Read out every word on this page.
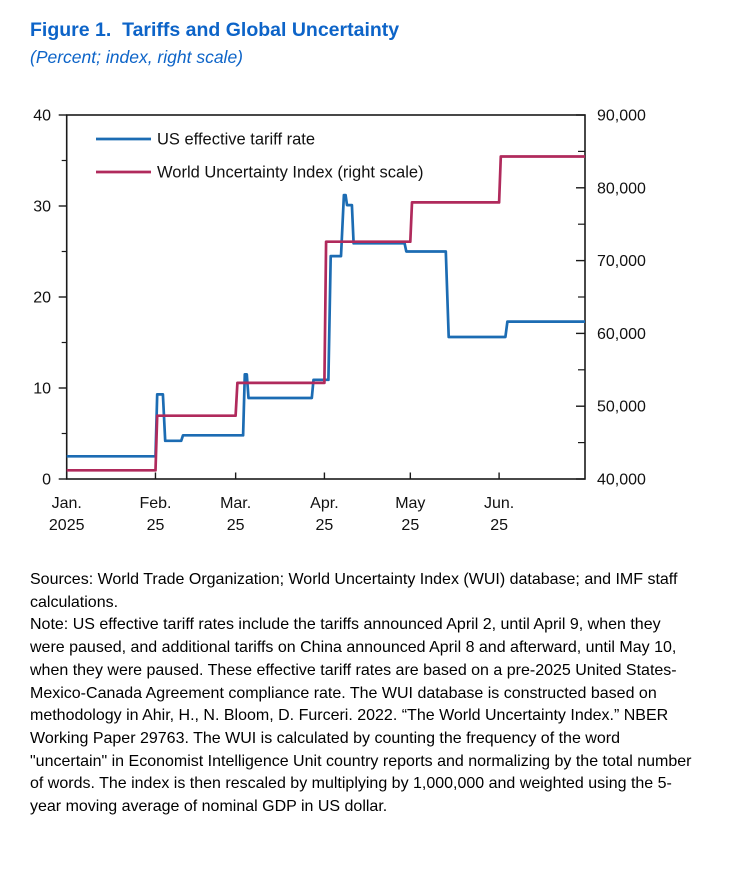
Figure 1.  Tariffs and Global Uncertainty
(Percent; index, right scale)
0
10
20
30
40
40,000
50,000
60,000
70,000
80,000
90,000
Jan.
2025
Feb.
25
Mar.
25
Apr.
25
May
25
Jun.
25
US effective tariff rate
World Uncertainty Index (right scale)

Sources: World Trade Organization; World Uncertainty Index (WUI) database; and IMF staff calculations.

Note: US effective tariff rates include the tariffs announced April 2, until April 9, when they were paused, and additional tariffs on China announced April 8 and afterward, until May 10, when they were paused. These effective tariff rates are based on a pre-2025 United States-Mexico-Canada Agreement compliance rate. The WUI database is constructed based on methodology in Ahir, H., N. Bloom, D. Furceri. 2022. “The World Uncertainty Index.” NBER Working Paper 29763. The WUI is calculated by counting the frequency of the word "uncertain" in Economist Intelligence Unit country reports and normalizing by the total number of words. The index is then rescaled by multiplying by 1,000,000 and weighted using the 5-year moving average of nominal GDP in US dollar.
